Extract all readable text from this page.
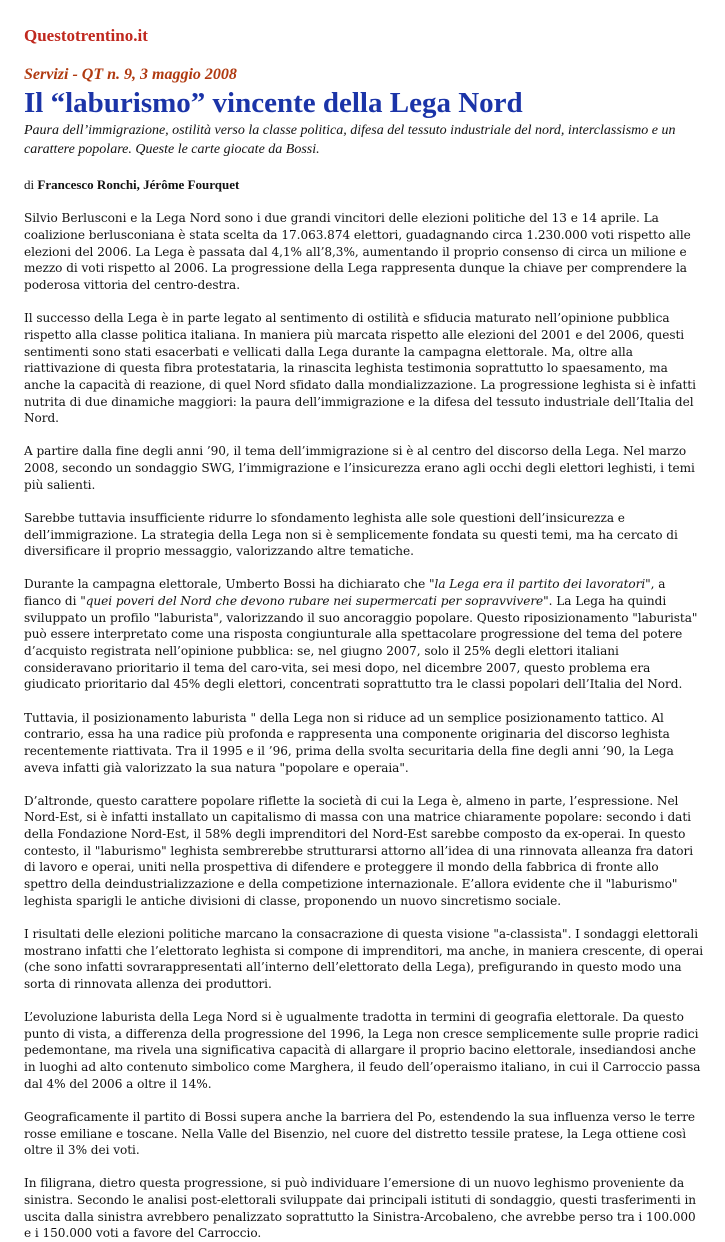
Questotrentino.it
Servizi - QT n. 9, 3 maggio 2008
Il “laburismo” vincente della Lega Nord
Paura dell’immigrazione, ostilità verso la classe politica, difesa del tessuto industriale del nord, interclassismo e un carattere popolare. Queste le carte giocate da Bossi.
di Francesco Ronchi, Jérôme Fourquet

Silvio Berlusconi e la Lega Nord sono i due grandi vincitori delle elezioni politiche del 13 e 14 aprile. La coalizione berlusconiana è stata scelta da 17.063.874 elettori, guadagnando circa 1.230.000 voti rispetto alle elezioni del 2006. La Lega è passata dal 4,1% all’8,3%, aumentando il proprio consenso di circa un milione e mezzo di voti rispetto al 2006. La progressione della Lega rappresenta dunque la chiave per comprendere la poderosa vittoria del centro-destra.

Il successo della Lega è in parte legato al sentimento di ostilità e sfiducia maturato nell’opinione pubblica rispetto alla classe politica italiana. In maniera più marcata rispetto alle elezioni del 2001 e del 2006, questi sentimenti sono stati esacerbati e vellicati dalla Lega durante la campagna elettorale. Ma, oltre alla riattivazione di questa fibra protestataria, la rinascita leghista testimonia soprattutto lo spaesamento, ma anche la capacità di reazione, di quel Nord sfidato dalla mondializzazione. La progressione leghista si è infatti nutrita di due dinamiche maggiori: la paura dell’immigrazione e la difesa del tessuto industriale dell’Italia del Nord.

A partire dalla fine degli anni ’90, il tema dell’immigrazione si è al centro del discorso della Lega. Nel marzo 2008, secondo un sondaggio SWG, l’immigrazione e l’insicurezza erano agli occhi degli elettori leghisti, i temi più salienti.

Sarebbe tuttavia insufficiente ridurre lo sfondamento leghista alle sole questioni dell’insicurezza e dell’immigrazione. La strategia della Lega non si è semplicemente fondata su questi temi, ma ha cercato di diversificare il proprio messaggio, valorizzando altre tematiche.

Durante la campagna elettorale, Umberto Bossi ha dichiarato che "la Lega era il partito dei lavoratori", a fianco di "quei poveri del Nord che devono rubare nei supermercati per sopravvivere". La Lega ha quindi sviluppato un profilo "laburista", valorizzando il suo ancoraggio popolare. Questo riposizionamento "laburista" può essere interpretato come una risposta congiunturale alla spettacolare progressione del tema del potere d’acquisto registrata nell’opinione pubblica: se, nel giugno 2007, solo il 25% degli elettori italiani consideravano prioritario il tema del caro-vita, sei mesi dopo, nel dicembre 2007, questo problema era giudicato prioritario dal 45% degli elettori, concentrati soprattutto tra le classi popolari dell’Italia del Nord.

Tuttavia, il posizionamento laburista " della Lega non si riduce ad un semplice posizionamento tattico. Al contrario, essa ha una radice più profonda e rappresenta una componente originaria del discorso leghista recentemente riattivata. Tra il 1995 e il ’96, prima della svolta securitaria della fine degli anni ’90, la Lega aveva infatti già valorizzato la sua natura "popolare e operaia".

D’altronde, questo carattere popolare riflette la società di cui la Lega è, almeno in parte, l’espressione. Nel Nord-Est, si è infatti installato un capitalismo di massa con una matrice chiaramente popolare: secondo i dati della Fondazione Nord-Est, il 58% degli imprenditori del Nord-Est sarebbe composto da ex-operai. In questo contesto, il "laburismo" leghista sembrerebbe strutturarsi attorno all’idea di una rinnovata alleanza fra datori di lavoro e operai, uniti nella prospettiva di difendere e proteggere il mondo della fabbrica di fronte allo spettro della deindustrializzazione e della competizione internazionale. E’allora evidente che il "laburismo" leghista sparigli le antiche divisioni di classe, proponendo un nuovo sincretismo sociale.

I risultati delle elezioni politiche marcano la consacrazione di questa visione "a-classista". I sondaggi elettorali mostrano infatti che l’elettorato leghista si compone di imprenditori, ma anche, in maniera crescente, di operai (che sono infatti sovrarappresentati all’interno dell’elettorato della Lega), prefigurando in questo modo una sorta di rinnovata allenza dei produttori.

L’evoluzione laburista della Lega Nord si è ugualmente tradotta in termini di geografia elettorale. Da questo punto di vista, a differenza della progressione del 1996, la Lega non cresce semplicemente sulle proprie radici pedemontane, ma rivela una significativa capacità di allargare il proprio bacino elettorale, insediandosi anche in luoghi ad alto contenuto simbolico come Marghera, il feudo dell’operaismo italiano, in cui il Carroccio passa dal 4% del 2006 a oltre il 14%.

Geograficamente il partito di Bossi supera anche la barriera del Po, estendendo la sua influenza verso le terre rosse emiliane e toscane. Nella Valle del Bisenzio, nel cuore del distretto tessile pratese, la Lega ottiene così oltre il 3% dei voti.

In filigrana, dietro questa progressione, si può individuare l’emersione di un nuovo leghismo proveniente da sinistra. Secondo le analisi post-elettorali sviluppate dai principali istituti di sondaggio, questi trasferimenti in uscita dalla sinistra avrebbero penalizzato soprattutto la Sinistra-Arcobaleno, che avrebbe perso tra i 100.000 e i 150.000 voti a favore del Carroccio.
